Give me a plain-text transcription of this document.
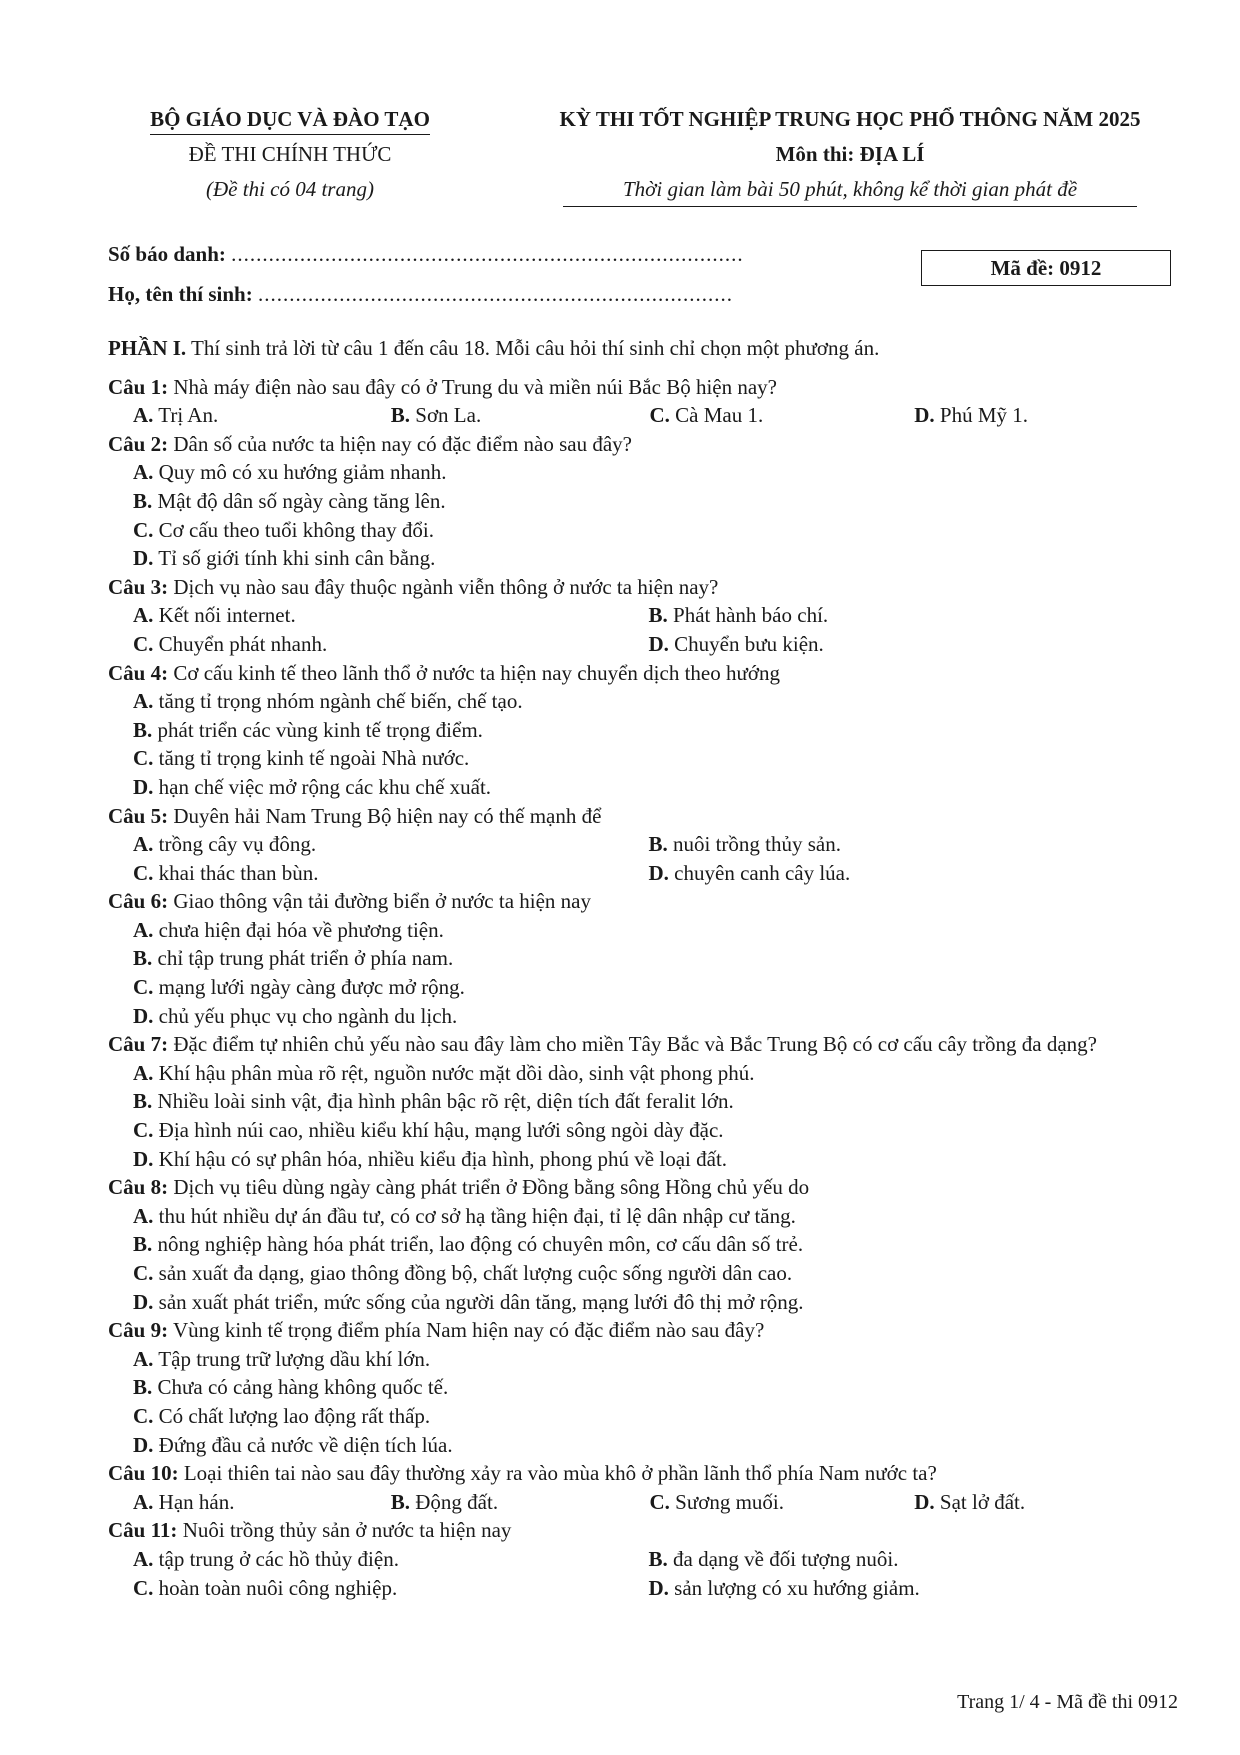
BỘ GIÁO DỤC VÀ ĐÀO TẠO
ĐỀ THI CHÍNH THỨC
(Đề thi có 04 trang)
KỲ THI TỐT NGHIỆP TRUNG HỌC PHỔ THÔNG NĂM 2025
Môn thi: ĐỊA LÍ
Thời gian làm bài 50 phút, không kể thời gian phát đề
Số báo danh: ..................................................................................
Họ, tên thí sinh: ............................................................................
Mã đề: 0912
PHẦN I. Thí sinh trả lời từ câu 1 đến câu 18. Mỗi câu hỏi thí sinh chỉ chọn một phương án.
Câu 1: Nhà máy điện nào sau đây có ở Trung du và miền núi Bắc Bộ hiện nay?
A. Trị An.	B. Sơn La.	C. Cà Mau 1.	D. Phú Mỹ 1.
Câu 2: Dân số của nước ta hiện nay có đặc điểm nào sau đây?
A. Quy mô có xu hướng giảm nhanh.
B. Mật độ dân số ngày càng tăng lên.
C. Cơ cấu theo tuổi không thay đổi.
D. Tỉ số giới tính khi sinh cân bằng.
Câu 3: Dịch vụ nào sau đây thuộc ngành viễn thông ở nước ta hiện nay?
A. Kết nối internet.	B. Phát hành báo chí.
C. Chuyển phát nhanh.	D. Chuyển bưu kiện.
Câu 4: Cơ cấu kinh tế theo lãnh thổ ở nước ta hiện nay chuyển dịch theo hướng
A. tăng tỉ trọng nhóm ngành chế biến, chế tạo.
B. phát triển các vùng kinh tế trọng điểm.
C. tăng tỉ trọng kinh tế ngoài Nhà nước.
D. hạn chế việc mở rộng các khu chế xuất.
Câu 5: Duyên hải Nam Trung Bộ hiện nay có thế mạnh để
A. trồng cây vụ đông.	B. nuôi trồng thủy sản.
C. khai thác than bùn.	D. chuyên canh cây lúa.
Câu 6: Giao thông vận tải đường biển ở nước ta hiện nay
A. chưa hiện đại hóa về phương tiện.
B. chỉ tập trung phát triển ở phía nam.
C. mạng lưới ngày càng được mở rộng.
D. chủ yếu phục vụ cho ngành du lịch.
Câu 7: Đặc điểm tự nhiên chủ yếu nào sau đây làm cho miền Tây Bắc và Bắc Trung Bộ có cơ cấu cây trồng đa dạng?
A. Khí hậu phân mùa rõ rệt, nguồn nước mặt dồi dào, sinh vật phong phú.
B. Nhiều loài sinh vật, địa hình phân bậc rõ rệt, diện tích đất feralit lớn.
C. Địa hình núi cao, nhiều kiểu khí hậu, mạng lưới sông ngòi dày đặc.
D. Khí hậu có sự phân hóa, nhiều kiểu địa hình, phong phú về loại đất.
Câu 8: Dịch vụ tiêu dùng ngày càng phát triển ở Đồng bằng sông Hồng chủ yếu do
A. thu hút nhiều dự án đầu tư, có cơ sở hạ tầng hiện đại, tỉ lệ dân nhập cư tăng.
B. nông nghiệp hàng hóa phát triển, lao động có chuyên môn, cơ cấu dân số trẻ.
C. sản xuất đa dạng, giao thông đồng bộ, chất lượng cuộc sống người dân cao.
D. sản xuất phát triển, mức sống của người dân tăng, mạng lưới đô thị mở rộng.
Câu 9: Vùng kinh tế trọng điểm phía Nam hiện nay có đặc điểm nào sau đây?
A. Tập trung trữ lượng dầu khí lớn.
B. Chưa có cảng hàng không quốc tế.
C. Có chất lượng lao động rất thấp.
D. Đứng đầu cả nước về diện tích lúa.
Câu 10: Loại thiên tai nào sau đây thường xảy ra vào mùa khô ở phần lãnh thổ phía Nam nước ta?
A. Hạn hán.	B. Động đất.	C. Sương muối.	D. Sạt lở đất.
Câu 11: Nuôi trồng thủy sản ở nước ta hiện nay
A. tập trung ở các hồ thủy điện.	B. đa dạng về đối tượng nuôi.
C. hoàn toàn nuôi công nghiệp.	D. sản lượng có xu hướng giảm.
Trang 1/ 4 - Mã đề thi 0912
